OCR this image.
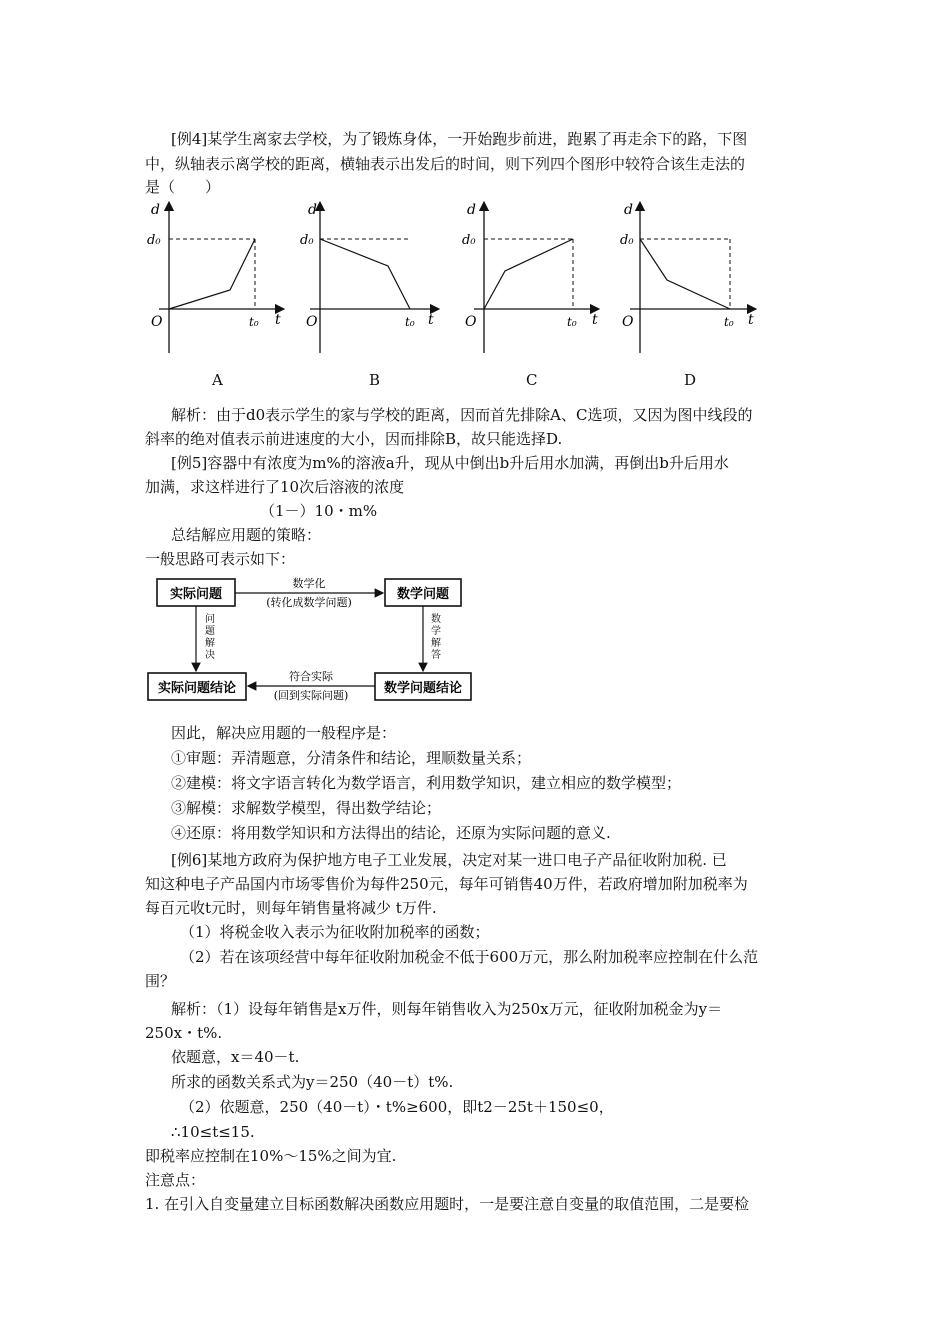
[例4]某学生离家去学校，为了锻炼身体，一开始跑步前进，跑累了再走余下的路，下图
中，纵轴表示离学校的距离，横轴表示出发后的时间，则下列四个图形中较符合该生走法的
是（　　）
d
t
O
d₀
t₀
d
t
O
d₀
t₀
d
t
O
d₀
t₀
d
t
O
d₀
t₀
A	B	C	D
解析：由于d0表示学生的家与学校的距离，因而首先排除A、C选项，又因为图中线段的
斜率的绝对值表示前进速度的大小，因而排除B，故只能选择D.
[例5]容器中有浓度为m%的溶液a升，现从中倒出b升后用水加满，再倒出b升后用水
加满，求这样进行了10次后溶液的浓度
（1－）10・m%
总结解应用题的策略：
一般思路可表示如下：
实际问题	数学问题
实际问题结论	数学问题结论
数学化
(转化成数学问题)
符合实际
(回到实际问题)
问
题
解
决
数
学
解
答
因此，解决应用题的一般程序是：
①审题：弄清题意，分清条件和结论，理顺数量关系；
②建模：将文字语言转化为数学语言，利用数学知识，建立相应的数学模型；
③解模：求解数学模型，得出数学结论；
④还原：将用数学知识和方法得出的结论，还原为实际问题的意义.
[例6]某地方政府为保护地方电子工业发展，决定对某一进口电子产品征收附加税. 已
知这种电子产品国内市场零售价为每件250元，每年可销售40万件，若政府增加附加税率为
每百元收t元时，则每年销售量将减少 t万件.
（1）将税金收入表示为征收附加税率的函数；
（2）若在该项经营中每年征收附加税金不低于600万元，那么附加税率应控制在什么范
围？
解析：（1）设每年销售是x万件，则每年销售收入为250x万元，征收附加税金为y＝
250x・t%.
依题意，x＝40－t.
所求的函数关系式为y＝250（40－t）t%.
（2）依题意，250（40－t）・t%≥600，即t2－25t＋150≤0，
∴10≤t≤15.
即税率应控制在10%～15%之间为宜.
注意点：
1. 在引入自变量建立目标函数解决函数应用题时，一是要注意自变量的取值范围，二是要检
